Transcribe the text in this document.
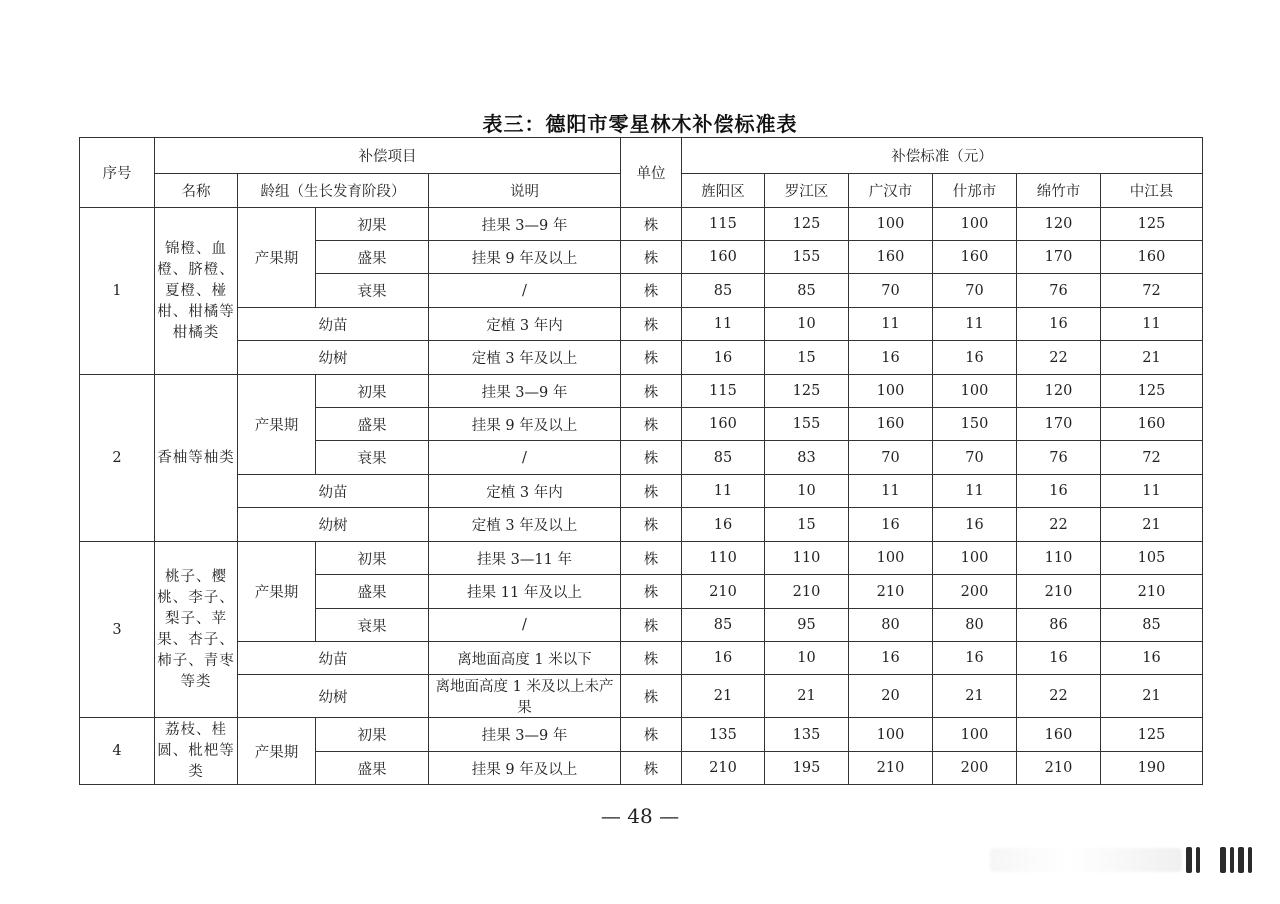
表三：德阳市零星林木补偿标准表
序号	补偿项目				单位	补偿标准（元）					
	名称	龄组（生长发育阶段）		说明		旌阳区	罗江区	广汉市	什邡市	绵竹市	中江县
1	锦橙、血橙、脐橙、夏橙、椪柑、柑橘等柑橘类	产果期	初果	挂果 3—9 年	株	115	125	100	100	120	125
			盛果	挂果 9 年及以上	株	160	155	160	160	170	160
			衰果	/	株	85	85	70	70	76	72
		幼苗		定植 3 年内	株	11	10	11	11	16	11
		幼树		定植 3 年及以上	株	16	15	16	16	22	21
2	香柚等柚类	产果期	初果	挂果 3—9 年	株	115	125	100	100	120	125
			盛果	挂果 9 年及以上	株	160	155	160	150	170	160
			衰果	/	株	85	83	70	70	76	72
		幼苗		定植 3 年内	株	11	10	11	11	16	11
		幼树		定植 3 年及以上	株	16	15	16	16	22	21
3	桃子、樱桃、李子、梨子、苹果、杏子、柿子、青枣等类	产果期	初果	挂果 3—11 年	株	110	110	100	100	110	105
			盛果	挂果 11 年及以上	株	210	210	210	200	210	210
			衰果	/	株	85	95	80	80	86	85
		幼苗		离地面高度 1 米以下	株	16	10	16	16	16	16
		幼树		离地面高度 1 米及以上未产果	株	21	21	20	21	22	21
4	荔枝、桂圆、枇杷等类	产果期	初果	挂果 3—9 年	株	135	135	100	100	160	125
			盛果	挂果 9 年及以上	株	210	195	210	200	210	190
— 48 —
